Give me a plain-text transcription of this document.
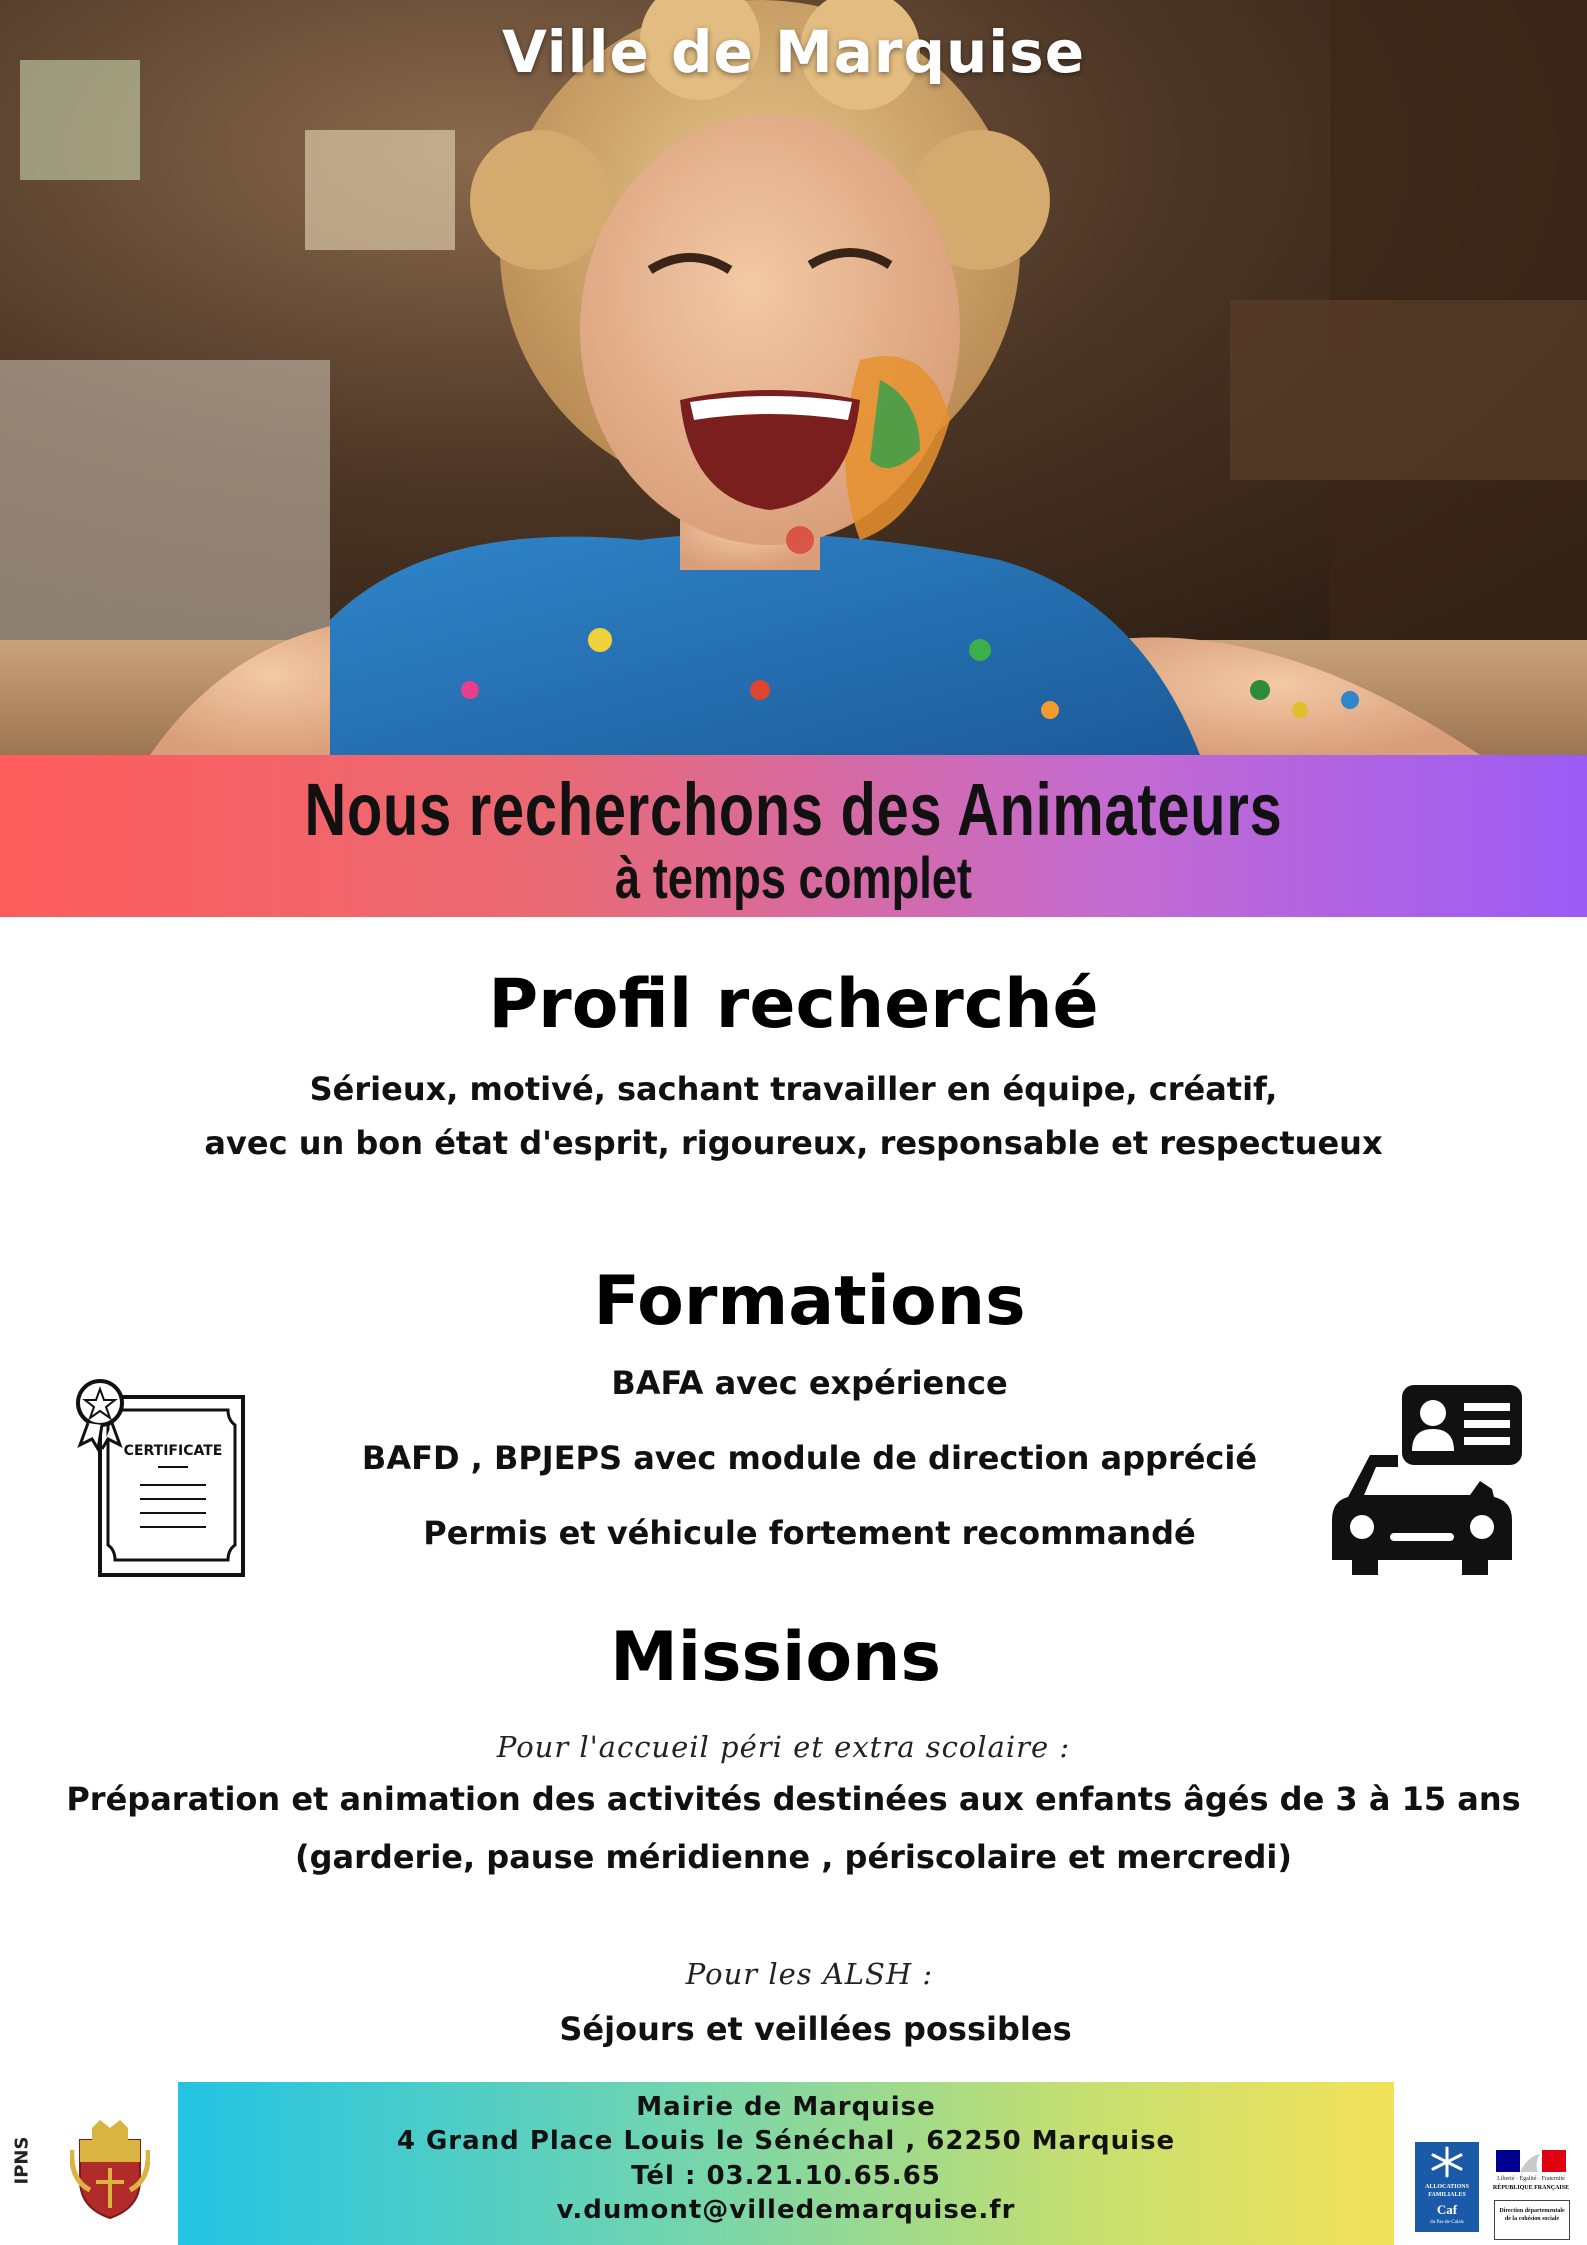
Ville de Marquise
Nous recherchons des Animateurs
à temps complet
Profil recherché
Sérieux, motivé, sachant travailler en équipe, créatif,
avec un bon état d'esprit, rigoureux, responsable et respectueux
Formations
BAFA avec expérience
BAFD , BPJEPS avec module de direction apprécié
Permis et véhicule fortement recommandé
CERTIFICATE
Missions
Pour l'accueil péri et extra scolaire :
Préparation et animation des activités destinées aux enfants âgés de 3 à 15 ans
(garderie, pause méridienne , périscolaire et mercredi)
Pour les ALSH :
Séjours et veillées possibles
IPNS
Mairie de Marquise
4 Grand Place Louis le Sénéchal , 62250 Marquise
Tél : 03.21.10.65.65
v.dumont@villedemarquise.fr
ALLOCATIONS
FAMILIALES
Caf
du Pas-de-Calais
Liberté · Égalité · Fraternité
RÉPUBLIQUE FRANÇAISE
Direction départementale de la cohésion sociale
